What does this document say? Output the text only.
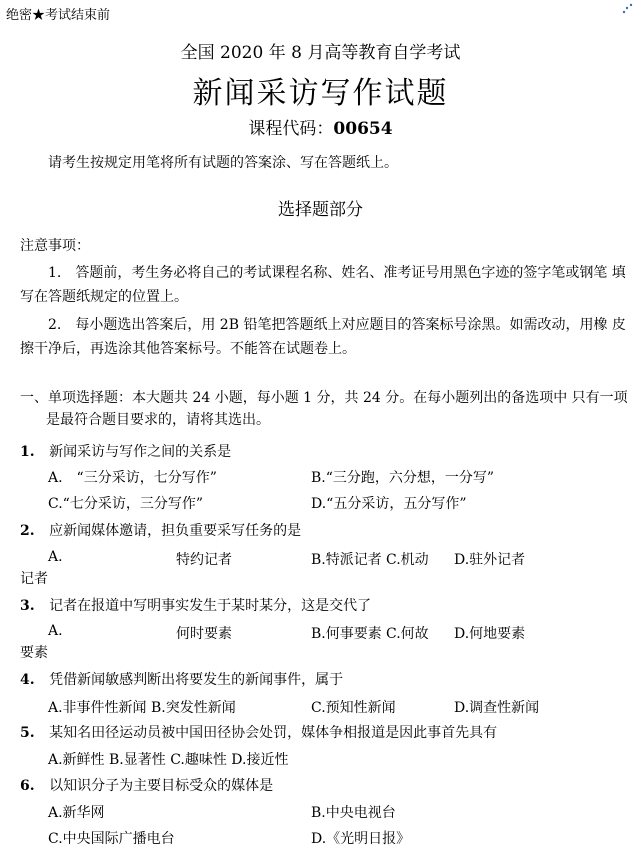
绝密★考试结束前
全国 2020 年 8 月高等教育自学考试
新闻采访写作试题
课程代码：00654
请考生按规定用笔将所有试题的答案涂、写在答题纸上。
选择题部分
注意事项：
1.　答题前，考生务必将自己的考试课程名称、姓名、准考证号用黑色字迹的签字笔或钢笔 填
写在答题纸规定的位置上。
2.　每小题选出答案后，用 2B 铅笔把答题纸上对应题目的答案标号涂黑。如需改动，用橡 皮
擦干净后，再选涂其他答案标号。不能答在试题卷上。
一、单项选择题：本大题共 24 小题，每小题 1 分，共 24 分。在每小题列出的备选项中 只有一项
是最符合题目要求的，请将其选出。
1. 新闻采访与写作之间的关系是
A.　“三分采访，七分写作”	B.“三分跑，六分想，一分写”
C.“七分采访，三分写作”	D.“五分采访，五分写作”
2. 应新闻媒体邀请，担负重要采写任务的是
A.	特约记者	B.特派记者 C.机动 D.驻外记者
记者
3. 记者在报道中写明事实发生于某时某分，这是交代了
A.	何时要素	B.何事要素 C.何故 D.何地要素
要素
4. 凭借新闻敏感判断出将要发生的新闻事件，属于
A.非事件性新闻 B.突发性新闻	C.预知性新闻	D.调查性新闻
5. 某知名田径运动员被中国田径协会处罚，媒体争相报道是因此事首先具有
A.新鲜性 B.显著性 C.趣味性 D.接近性
6. 以知识分子为主要目标受众的媒体是
A.新华网	B.中央电视台
C.中央国际广播电台	D.《光明日报》
